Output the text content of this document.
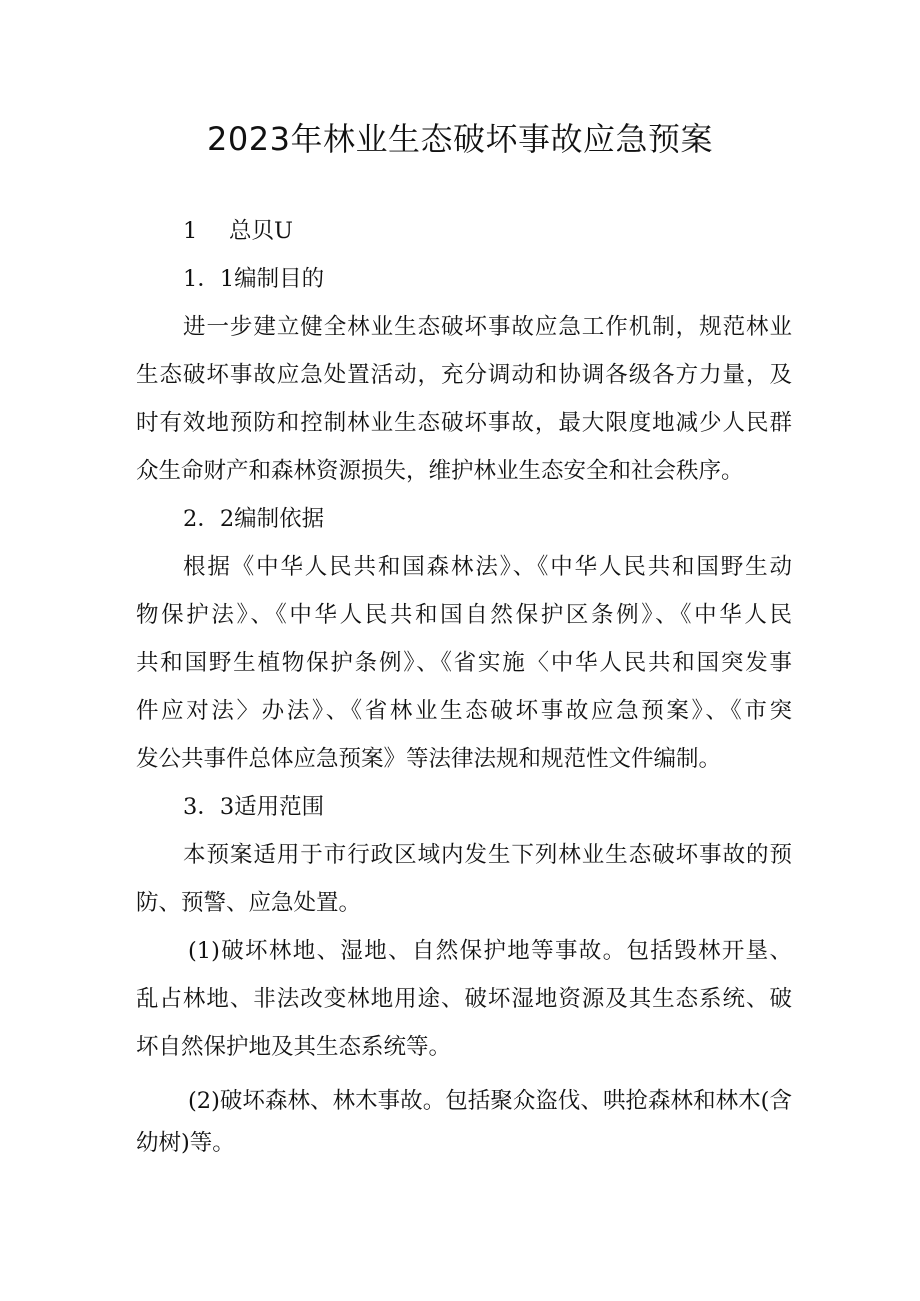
2023年林业生态破坏事故应急预案
1 总贝U
1．1编制目的
进一步建立健全林业生态破坏事故应急工作机制，规范林业
生态破坏事故应急处置活动，充分调动和协调各级各方力量，及
时有效地预防和控制林业生态破坏事故，最大限度地减少人民群
众生命财产和森林资源损失，维护林业生态安全和社会秩序。
2．2编制依据
根据《中华人民共和国森林法》、《中华人民共和国野生动
物保护法》、《中华人民共和国自然保护区条例》、《中华人民
共和国野生植物保护条例》、《省实施〈中华人民共和国突发事
件应对法〉办法》、《省林业生态破坏事故应急预案》、《市突
发公共事件总体应急预案》等法律法规和规范性文件编制。
3．3适用范围
本预案适用于市行政区域内发生下列林业生态破坏事故的预
防、预警、应急处置。
(1)破坏林地、湿地、自然保护地等事故。包括毁林开垦、
乱占林地、非法改变林地用途、破坏湿地资源及其生态系统、破
坏自然保护地及其生态系统等。
(2)破坏森林、林木事故。包括聚众盗伐、哄抢森林和林木(含
幼树)等。
